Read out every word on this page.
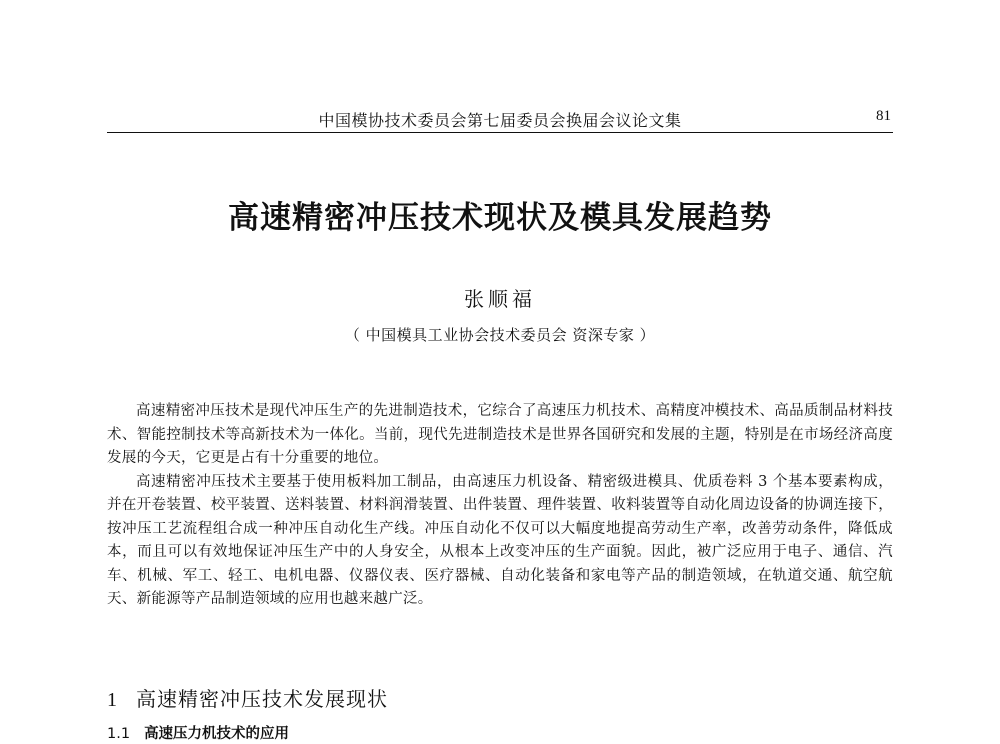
中国模协技术委员会第七届委员会换届会议论文集	81
高速精密冲压技术现状及模具发展趋势
张顺福
（ 中国模具工业协会技术委员会 资深专家 ）

高速精密冲压技术是现代冲压生产的先进制造技术，它综合了高速压力机技术、高精度冲模技术、高品质制品材料技术、智能控制技术等高新技术为一体化。当前，现代先进制造技术是世界各国研究和发展的主题，特别是在市场经济高度发展的今天，它更是占有十分重要的地位。

高速精密冲压技术主要基于使用板料加工制品，由高速压力机设备、精密级进模具、优质卷料 3 个基本要素构成，并在开卷装置、校平装置、送料装置、材料润滑装置、出件装置、理件装置、收料装置等自动化周边设备的协调连接下，按冲压工艺流程组合成一种冲压自动化生产线。冲压自动化不仅可以大幅度地提高劳动生产率，改善劳动条件，降低成本，而且可以有效地保证冲压生产中的人身安全，从根本上改变冲压的生产面貌。因此，被广泛应用于电子、通信、汽车、机械、军工、轻工、电机电器、仪器仪表、医疗器械、自动化装备和家电等产品的制造领域，在轨道交通、航空航天、新能源等产品制造领域的应用也越来越广泛。

1 高速精密冲压技术发展现状
1.1 高速压力机技术的应用
